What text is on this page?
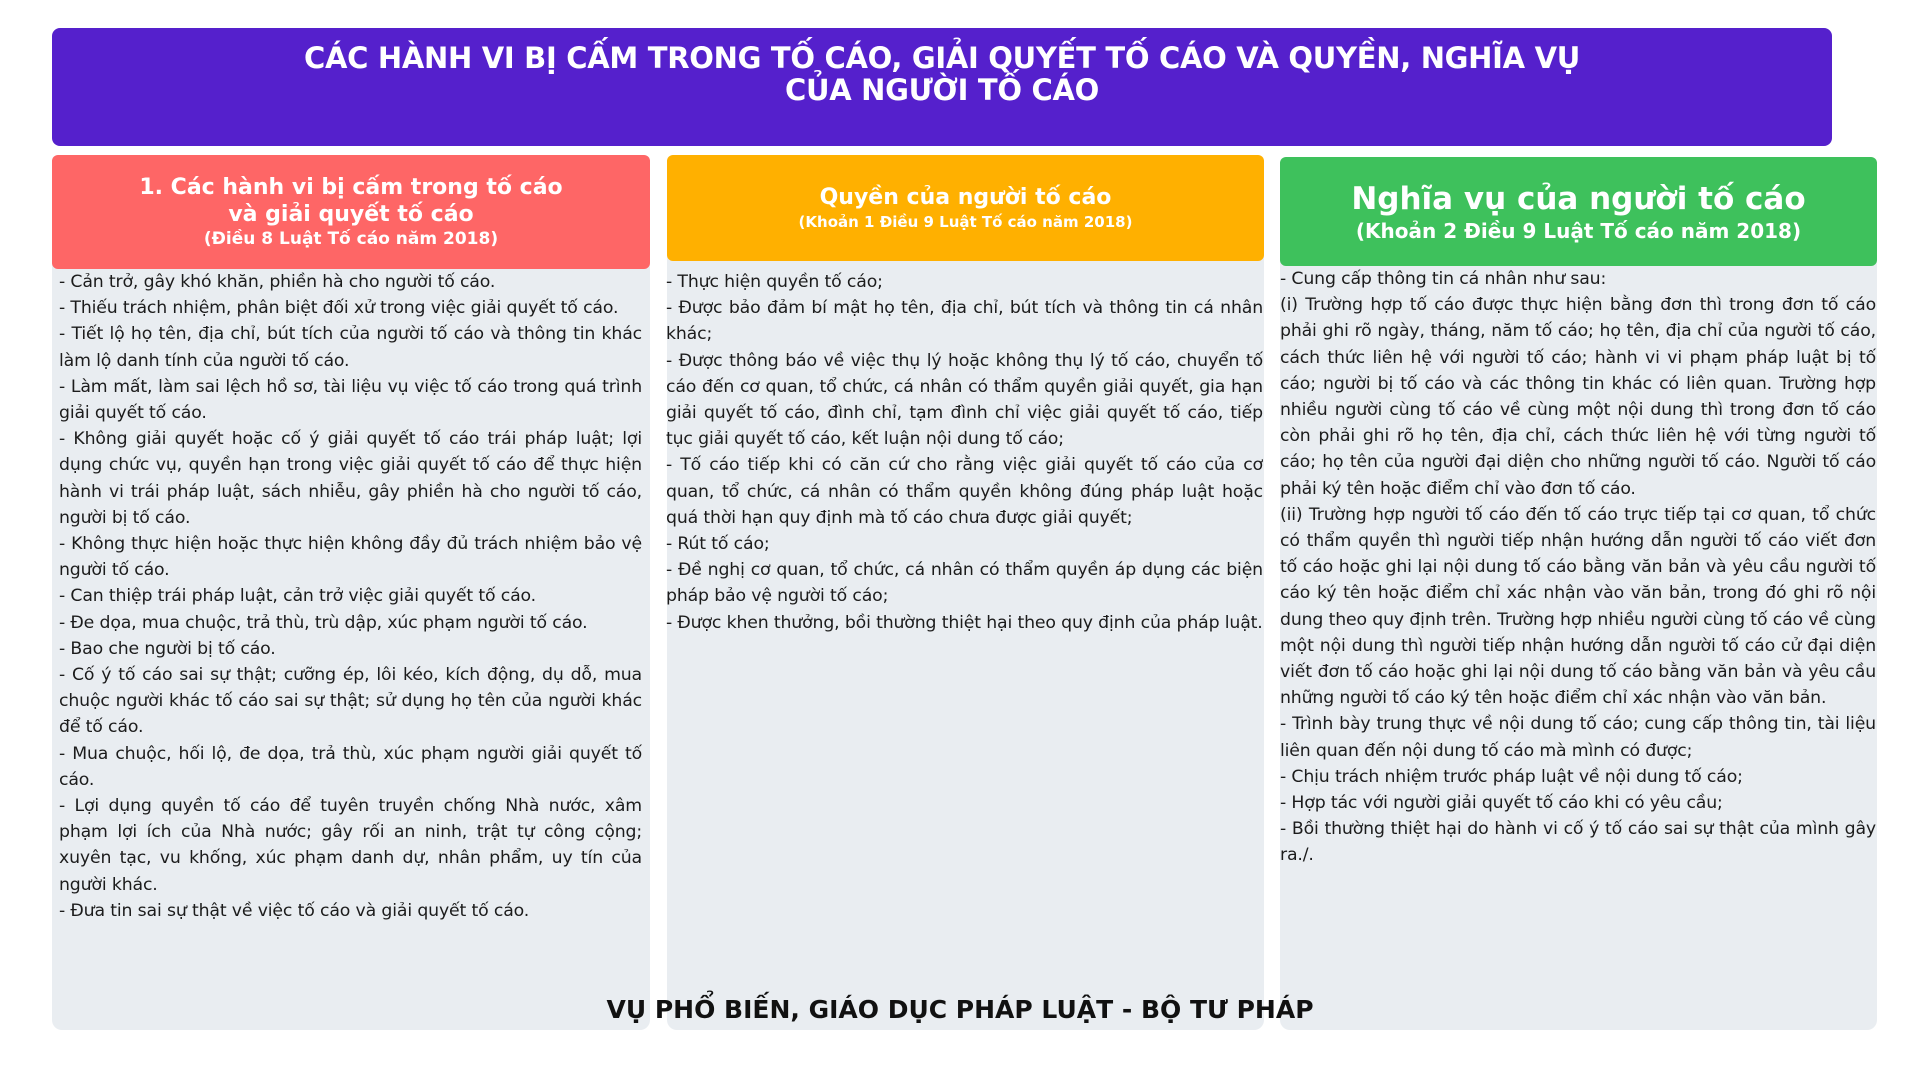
CÁC HÀNH VI BỊ CẤM TRONG TỐ CÁO, GIẢI QUYẾT TỐ CÁO VÀ QUYỀN, NGHĨA VỤ
CỦA NGƯỜI TỐ CÁO
1. Các hành vi bị cấm trong tố cáo
và giải quyết tố cáo
(Điều 8 Luật Tố cáo năm 2018)
Quyền của người tố cáo
(Khoản 1 Điều 9 Luật Tố cáo năm 2018)
Nghĩa vụ của người tố cáo
(Khoản 2 Điều 9 Luật Tố cáo năm 2018)

- Cản trở, gây khó khăn, phiền hà cho người tố cáo.

- Thiếu trách nhiệm, phân biệt đối xử trong việc giải quyết tố cáo.

- Tiết lộ họ tên, địa chỉ, bút tích của người tố cáo và thông tin khác làm lộ danh tính của người tố cáo.

- Làm mất, làm sai lệch hồ sơ, tài liệu vụ việc tố cáo trong quá trình giải quyết tố cáo.

- Không giải quyết hoặc cố ý giải quyết tố cáo trái pháp luật; lợi dụng chức vụ, quyền hạn trong việc giải quyết tố cáo để thực hiện hành vi trái pháp luật, sách nhiễu, gây phiền hà cho người tố cáo, người bị tố cáo.

- Không thực hiện hoặc thực hiện không đầy đủ trách nhiệm bảo vệ người tố cáo.

- Can thiệp trái pháp luật, cản trở việc giải quyết tố cáo.

- Đe dọa, mua chuộc, trả thù, trù dập, xúc phạm người tố cáo.

- Bao che người bị tố cáo.

- Cố ý tố cáo sai sự thật; cưỡng ép, lôi kéo, kích động, dụ dỗ, mua chuộc người khác tố cáo sai sự thật; sử dụng họ tên của người khác để tố cáo.

- Mua chuộc, hối lộ, đe dọa, trả thù, xúc phạm người giải quyết tố cáo.

- Lợi dụng quyền tố cáo để tuyên truyền chống Nhà nước, xâm phạm lợi ích của Nhà nước; gây rối an ninh, trật tự công cộng; xuyên tạc, vu khống, xúc phạm danh dự, nhân phẩm, uy tín của người khác.

- Đưa tin sai sự thật về việc tố cáo và giải quyết tố cáo.

- Thực hiện quyền tố cáo;

- Được bảo đảm bí mật họ tên, địa chỉ, bút tích và thông tin cá nhân khác;

- Được thông báo về việc thụ lý hoặc không thụ lý tố cáo, chuyển tố cáo đến cơ quan, tổ chức, cá nhân có thẩm quyền giải quyết, gia hạn giải quyết tố cáo, đình chỉ, tạm đình chỉ việc giải quyết tố cáo, tiếp tục giải quyết tố cáo, kết luận nội dung tố cáo;

- Tố cáo tiếp khi có căn cứ cho rằng việc giải quyết tố cáo của cơ quan, tổ chức, cá nhân có thẩm quyền không đúng pháp luật hoặc quá thời hạn quy định mà tố cáo chưa được giải quyết;

- Rút tố cáo;

- Đề nghị cơ quan, tổ chức, cá nhân có thẩm quyền áp dụng các biện pháp bảo vệ người tố cáo;

- Được khen thưởng, bồi thường thiệt hại theo quy định của pháp luật.

- Cung cấp thông tin cá nhân như sau:

(i) Trường hợp tố cáo được thực hiện bằng đơn thì trong đơn tố cáo phải ghi rõ ngày, tháng, năm tố cáo; họ tên, địa chỉ của người tố cáo, cách thức liên hệ với người tố cáo; hành vi vi phạm pháp luật bị tố cáo; người bị tố cáo và các thông tin khác có liên quan. Trường hợp nhiều người cùng tố cáo về cùng một nội dung thì trong đơn tố cáo còn phải ghi rõ họ tên, địa chỉ, cách thức liên hệ với từng người tố cáo; họ tên của người đại diện cho những người tố cáo. Người tố cáo phải ký tên hoặc điểm chỉ vào đơn tố cáo.

(ii) Trường hợp người tố cáo đến tố cáo trực tiếp tại cơ quan, tổ chức có thẩm quyền thì người tiếp nhận hướng dẫn người tố cáo viết đơn tố cáo hoặc ghi lại nội dung tố cáo bằng văn bản và yêu cầu người tố cáo ký tên hoặc điểm chỉ xác nhận vào văn bản, trong đó ghi rõ nội dung theo quy định trên. Trường hợp nhiều người cùng tố cáo về cùng một nội dung thì người tiếp nhận hướng dẫn người tố cáo cử đại diện viết đơn tố cáo hoặc ghi lại nội dung tố cáo bằng văn bản và yêu cầu những người tố cáo ký tên hoặc điểm chỉ xác nhận vào văn bản.

- Trình bày trung thực về nội dung tố cáo; cung cấp thông tin, tài liệu liên quan đến nội dung tố cáo mà mình có được;

- Chịu trách nhiệm trước pháp luật về nội dung tố cáo;

- Hợp tác với người giải quyết tố cáo khi có yêu cầu;

- Bồi thường thiệt hại do hành vi cố ý tố cáo sai sự thật của mình gây ra./.

VỤ PHỔ BIẾN, GIÁO DỤC PHÁP LUẬT - BỘ TƯ PHÁP
